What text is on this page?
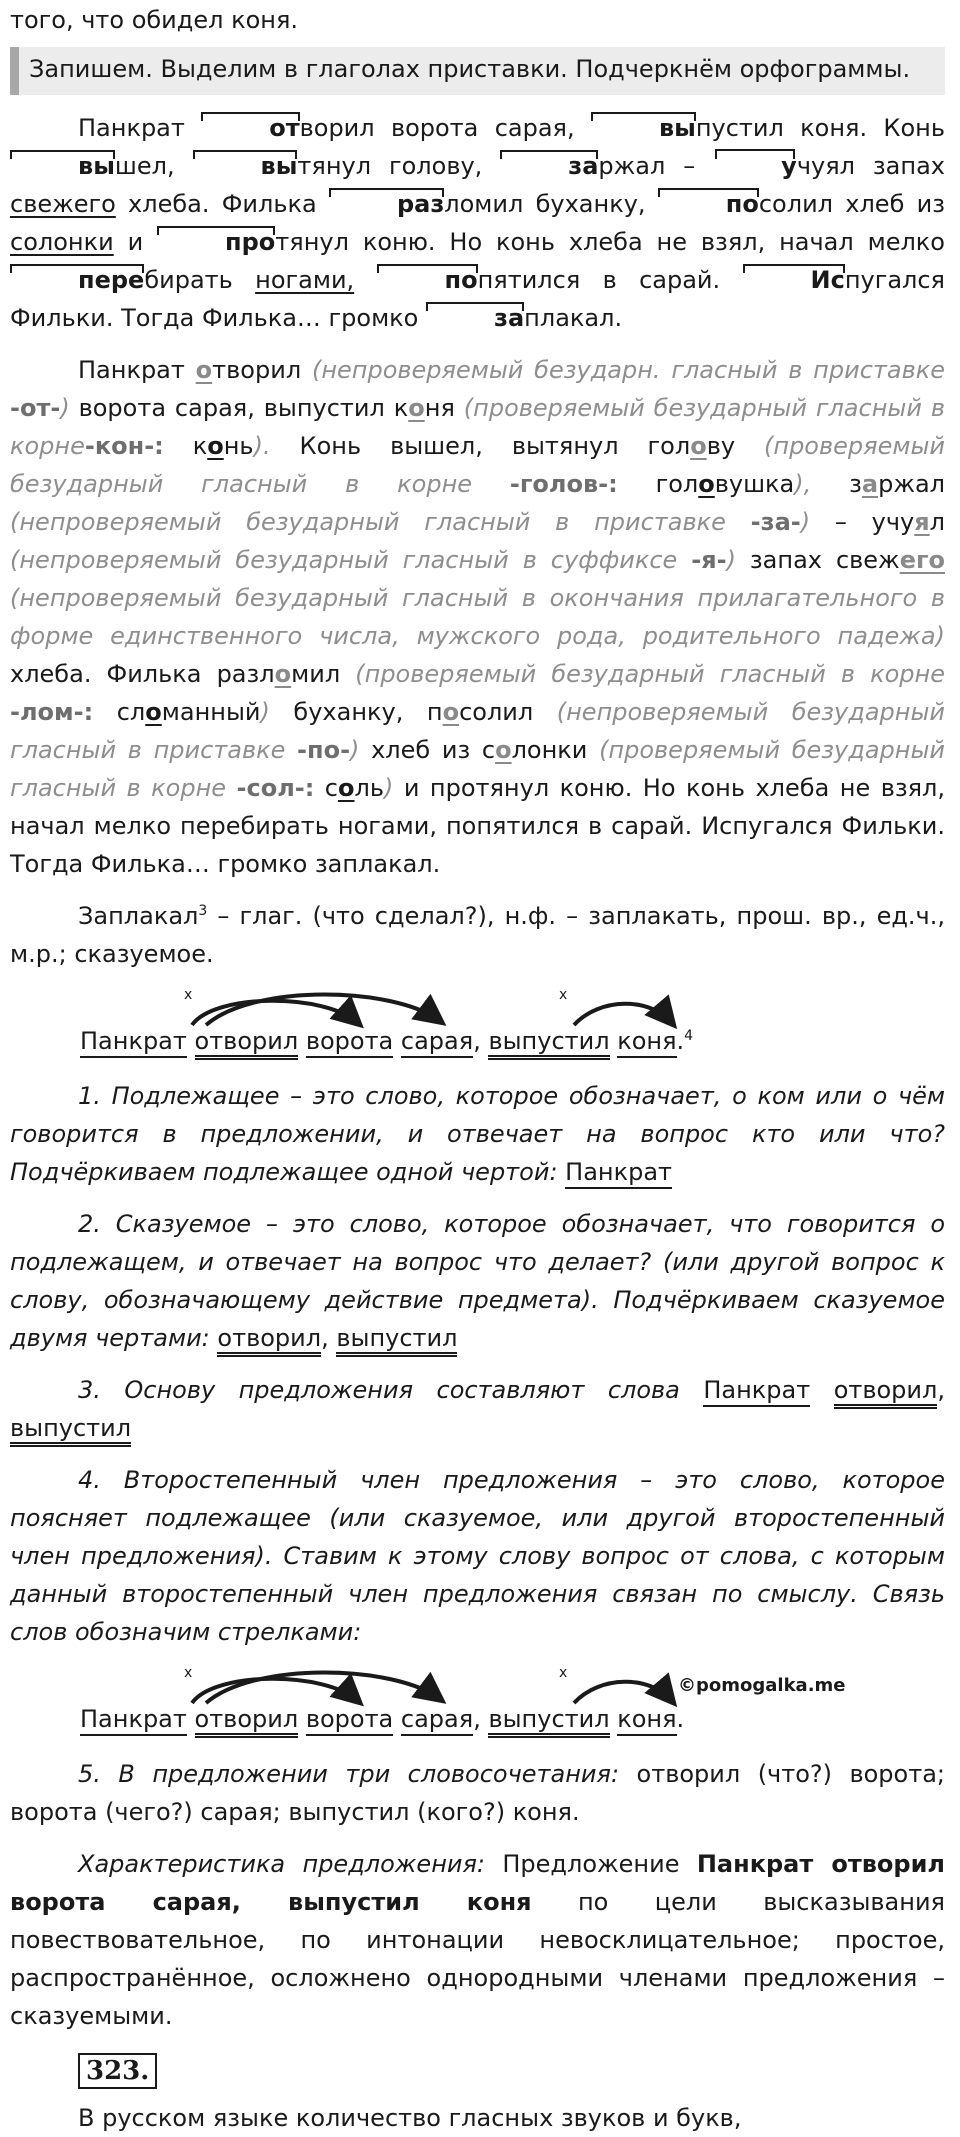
того, что обидел коня.

Запишем. Выделим в глаголах приставки. Подчеркнём орфограммы.

Панкрат	отворил ворота сарая,	выпустил коня. Конь вышел,	вытянул голову,	заржал –	учуял запах свежего хлеба. Филька	разломил буханку,	посолил хлеб из солонки и	протянул коню. Но конь хлеба не взял, начал мелко перебирать ногами,	попятился в сарай.	Испугался Фильки. Тогда Филька… громко	заплакал.

Панкрат отворил (непроверяемый безударн. гласный в приставке -от-) ворота сарая, выпустил коня (проверяемый безударный гласный в корне-кон-: конь). Конь вышел, вытянул голову (проверяемый безударный гласный в корне -голов-: головушка), заржал (непроверяемый безударный гласный в приставке -за-) – учуял (непроверяемый безударный гласный в суффиксе -я-) запах свежего (непроверяемый безударный гласный в окончания прилагательного в форме единственного числа, мужского рода, родительного падежа) хлеба. Филька разломил (проверяемый безударный гласный в корне -лом-: сломанный) буханку, посолил (непроверяемый безударный гласный в приставке -по-) хлеб из солонки (проверяемый безударный гласный в корне -сол-: соль) и протянул коню. Но конь хлеба не взял, начал мелко перебирать ногами, попятился в сарай. Испугался Фильки. Тогда Филька… громко заплакал.

Заплакал$^3$ – глаг. (что сделал?), н.ф. – заплакать, прош. вр., ед.ч., м.р.; сказуемое.

x	x
Панкрат отворил ворота сарая, выпустил коня.$^4$

1. Подлежащее – это слово, которое обозначает, о ком или о чём говорится в предложении, и отвечает на вопрос кто или что? Подчёркиваем подлежащее одной чертой: Панкрат

2. Сказуемое – это слово, которое обозначает, что говорится о подлежащем, и отвечает на вопрос что делает? (или другой вопрос к слову, обозначающему действие предмета). Подчёркиваем сказуемое двумя чертами: отворил, выпустил

3. Основу предложения составляют слова Панкрат отворил, выпустил

4. Второстепенный член предложения – это слово, которое поясняет подлежащее (или сказуемое, или другой второстепенный член предложения). Ставим к этому слову вопрос от слова, с которым данный второстепенный член предложения связан по смыслу. Связь слов обозначим стрелками:

x	x
©pomogalka.me
Панкрат отворил ворота сарая, выпустил коня.

5. В предложении три словосочетания: отворил (что?) ворота; ворота (чего?) сарая; выпустил (кого?) коня.

Характеристика предложения: Предложение Панкрат отворил ворота сарая, выпустил коня по цели высказывания повествовательное, по интонации невосклицательное; простое, распространённое, осложнено однородными членами предложения – сказуемыми.

323.

В русском языке количество гласных звуков и букв,
